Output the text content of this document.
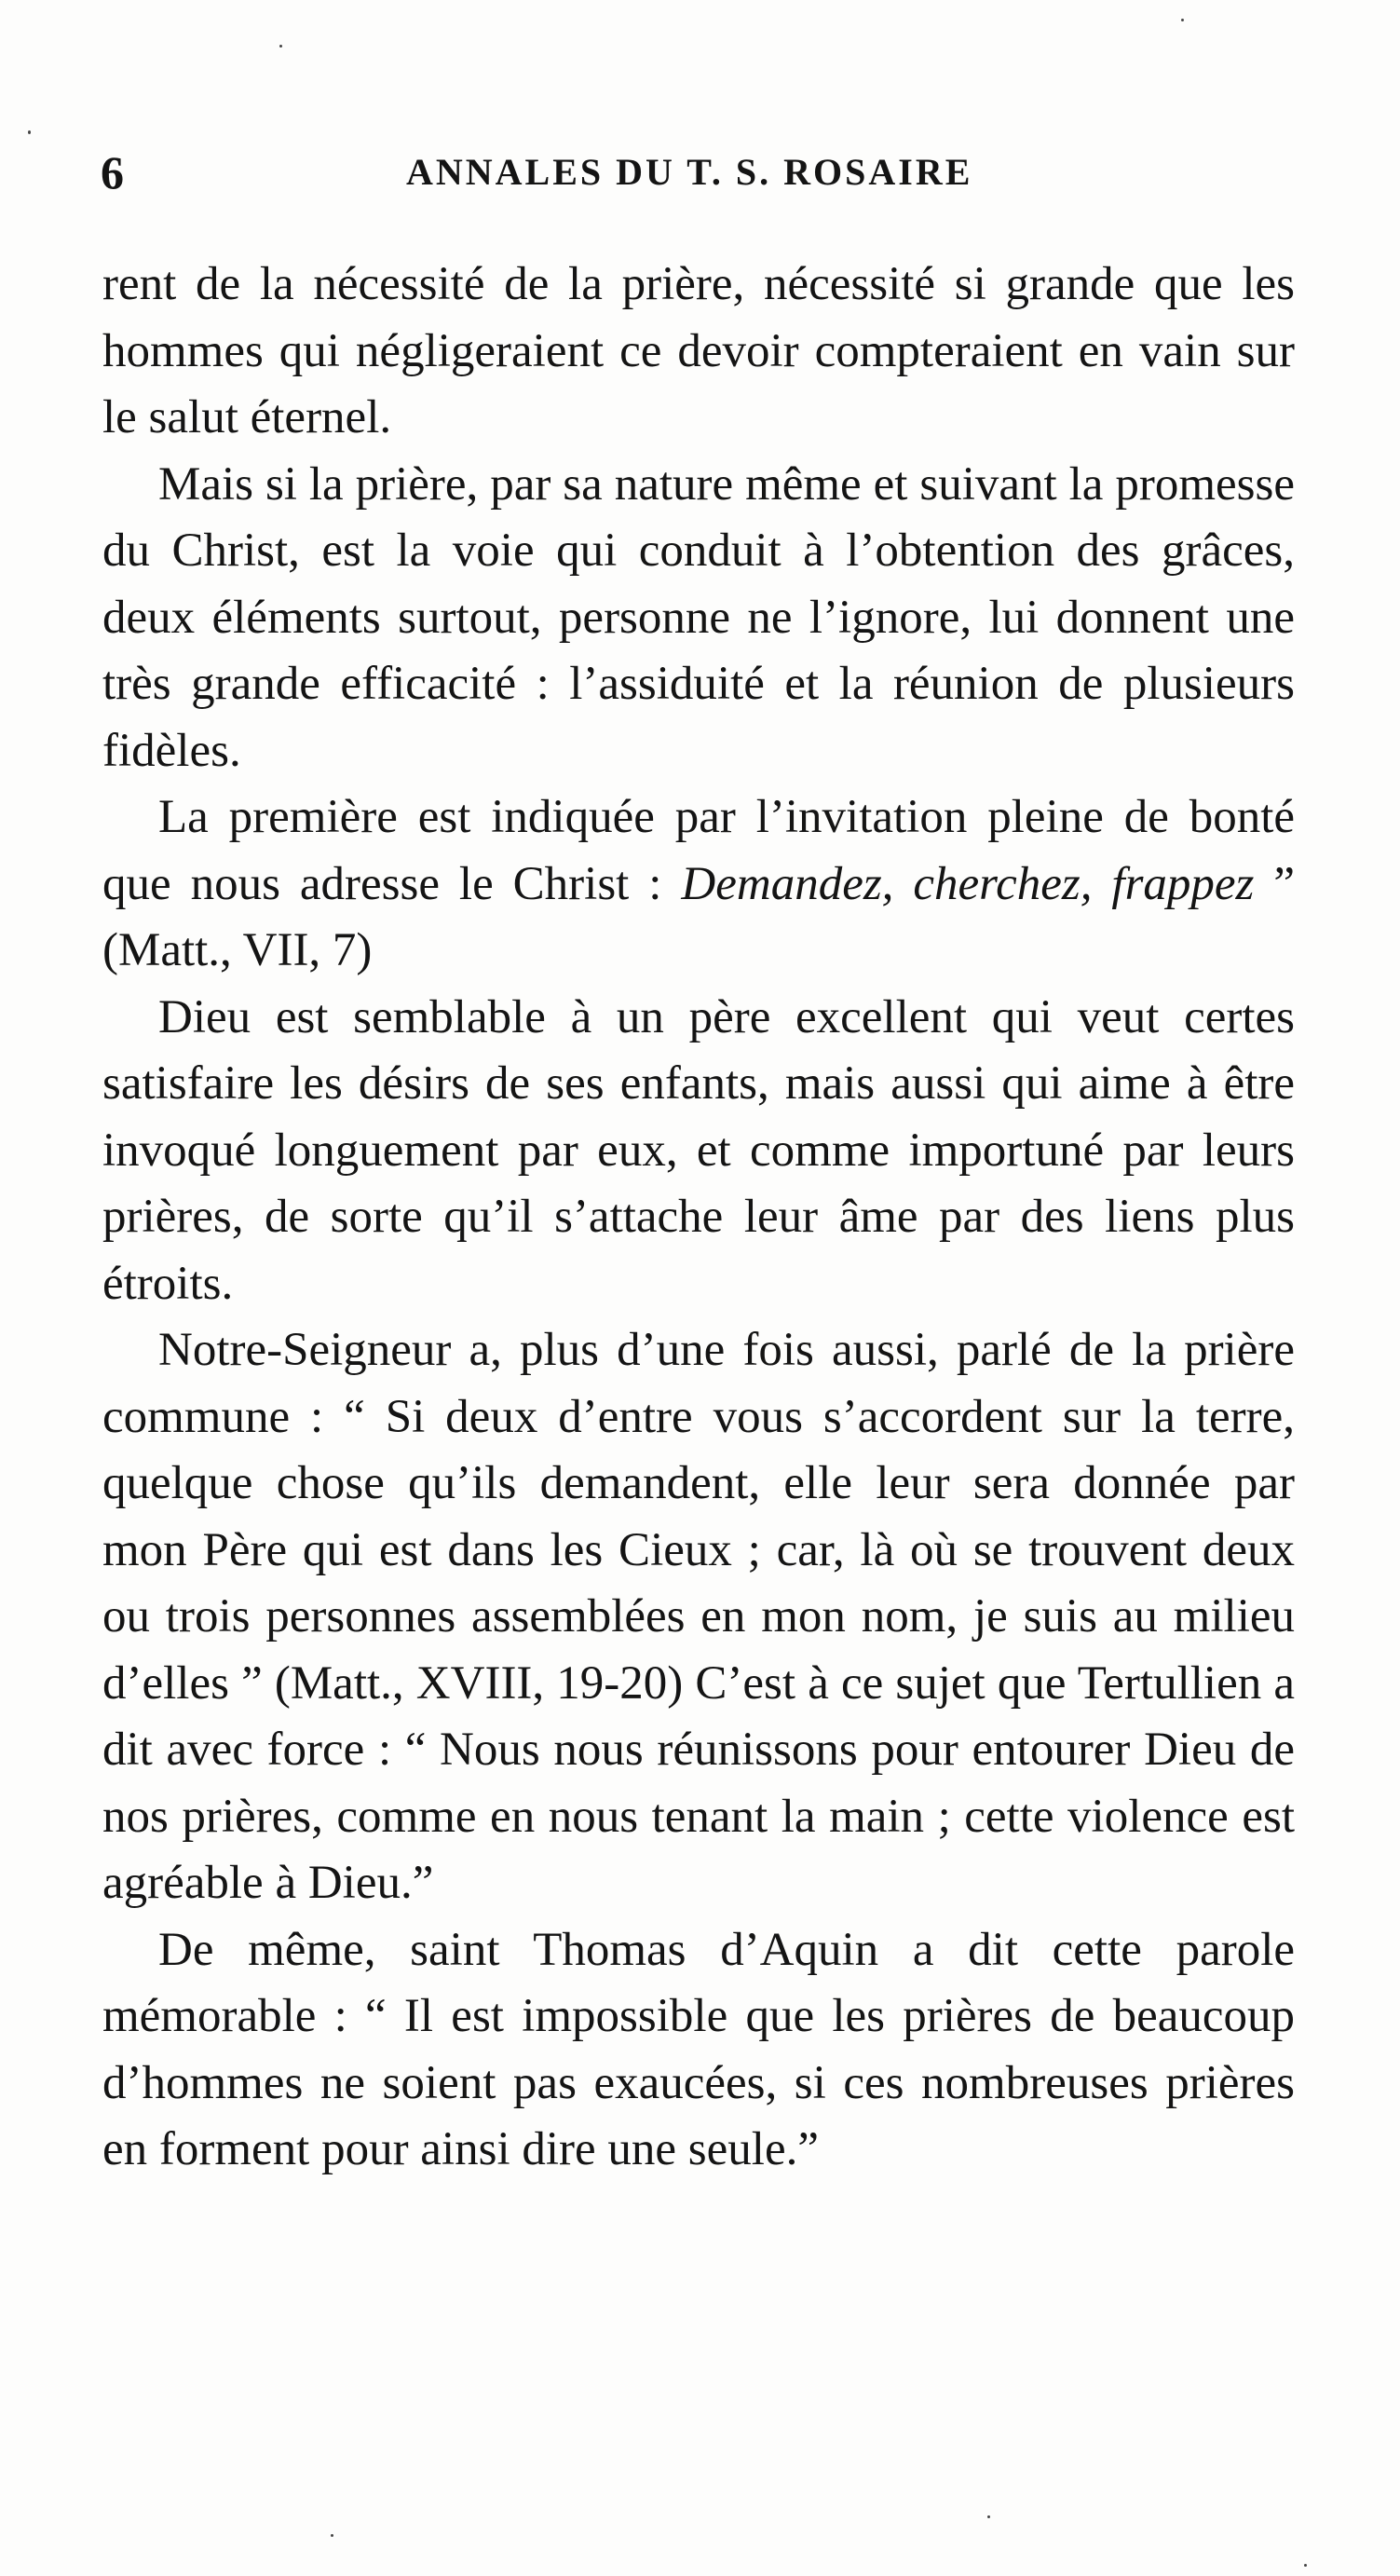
6	ANNALES DU T. S. ROSAIRE

rent de la nécessité de la prière, nécessité si grande que les hommes qui négligeraient ce devoir compteraient en vain sur le salut éternel.

Mais si la prière, par sa nature même et suivant la promesse du Christ, est la voie qui conduit à l’obtention des grâces, deux éléments surtout, personne ne l’ignore, lui donnent une très grande efficacité : l’assiduité et la réunion de plusieurs fidèles.

La première est indiquée par l’invitation pleine de bonté que nous adresse le Christ : Demandez, cherchez, frappez ” (Matt., VII, 7)

Dieu est semblable à un père excellent qui veut certes satisfaire les désirs de ses enfants, mais aussi qui aime à être invoqué longuement par eux, et comme importuné par leurs prières, de sorte qu’il s’attache leur âme par des liens plus étroits.

Notre-Seigneur a, plus d’une fois aussi, parlé de la prière commune : “ Si deux d’entre vous s’accordent sur la terre, quelque chose qu’ils demandent, elle leur sera donnée par mon Père qui est dans les Cieux ; car, là où se trouvent deux ou trois personnes assemblées en mon nom, je suis au milieu d’elles ” (Matt., XVIII, 19-20) C’est à ce sujet que Tertullien a dit avec force : “ Nous nous réunissons pour entourer Dieu de nos prières, comme en nous tenant la main ; cette violence est agréable à Dieu.”

De même, saint Thomas d’Aquin a dit cette parole mémorable : “ Il est impossible que les prières de beaucoup d’hommes ne soient pas exaucées, si ces nombreuses prières en forment pour ainsi dire une seule.”
